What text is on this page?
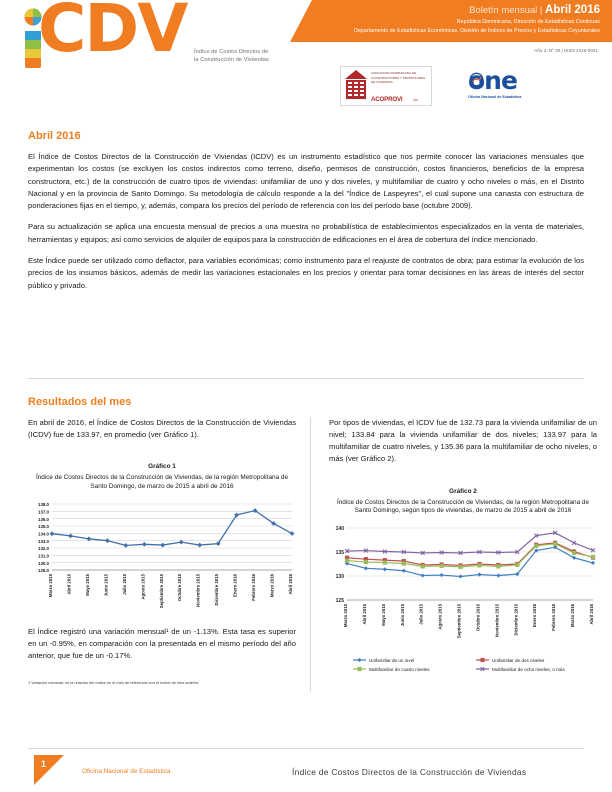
CDV Índice de Costos Directos de la Construcción de Viviendas
Boletín mensual | Abril 2016
República Dominicana, Dirección de Estadísticas Continuas
Departamento de Estadísticas Económicas, División de Índices de Precios y Estadísticas Coyunturales
Año 3, N° 30 | ISSN 2226-0021
ASOCIACION DOMINICANA DE CONSTRUCTORES Y PROMOTORES DE VIVIENDAS
ACOPROVI	INC.
one
Oficina Nacional de Estadística
Abril 2016

El Índice de Costos Directos de la Construcción de Viviendas (ICDV) es un instrumento estadístico que nos permite conocer las variaciones mensuales que experimentan los costos (se excluyen los costos indirectos como terreno, diseño, permisos de construcción, costos financieros, beneficios de la empresa constructora, etc.) de la construcción de cuatro tipos de viviendas: unifamiliar de uno y dos niveles, y multifamiliar de cuatro y ocho niveles o más, en el Distrito Nacional y en la provincia de Santo Domingo. Su metodología de cálculo responde a la del "Índice de Laspeyres", el cual supone una canasta con estructura de ponderaciones fijas en el tiempo, y, además, compara los precios del período de referencia con los del período base (octubre 2009).

Para su actualización se aplica una encuesta mensual de precios a una muestra no probabilística de establecimientos especializados en la venta de materiales, herramientas y equipos; así como servicios de alquiler de equipos para la construcción de edificaciones en el área de cobertura del índice mencionado.

Este Índice puede ser utilizado como deflactor, para variables económicas; como instrumento para el reajuste de contratos de obra; para estimar la evolución de los precios de los insumos básicos, además de medir las variaciones estacionales en los precios y orientar para tomar decisiones en las áreas de interés del sector público y privado.

Resultados del mes

En abril de 2016, el Índice de Costos Directos de la Construcción de Viviendas (ICDV) fue de 133.97, en promedio (ver Gráfico 1).

Gráfico 1
Índice de Costos Directos de la Construcción de Viviendas, de la región Metropolitana de Santo Domingo, de marzo de 2015 a abril de 2016
129.0
130.0
131.0
132.0
133.0
134.0
135.0
136.0
137.0
138.0
Marzo 2015	Abril 2015	Mayo 2015	Junio 2015	Julio 2015	Agosto 2015	Septiembre 2015	Octubre 2015	Noviembre 2015	Diciembre 2015	Enero 2016	Febrero 2016	Marzo 2016	Abril 2016

El Índice registró una variación mensual¹ de un -1.13%. Esta tasa es superior en un -0.95%, en comparación con la presentada en el mismo período del año anterior, que fue de un -0.17%.

1 Variación mensual: es la relación del índice en el mes de referencia con el índice de mes anterior.

Por tipos de viviendas, el ICDV fue de 132.73 para la vivienda unifamiliar de un nivel; 133.84 para la vivienda unifamiliar de dos niveles; 133.97 para la multifamiliar de cuatro niveles, y 135.36 para la multifamiliar de ocho niveles, o más (ver Gráfico 2).

Gráfico 2
Índice de Costos Directos de la Construcción de Viviendas, de la región Metropolitana de Santo Domingo, según tipos de viviendas, de marzo de 2015 a abril de 2016
125
130
135
140
Marzo 2015	Abril 2015	Mayo 2015	Junio 2015	Julio 2015	Agosto 2015	Septiembre 2015	Octubre 2015	Noviembre 2015	Diciembre 2015	Enero 2016	Febrero 2016	Marzo 2016	Abril 2016
Unifamiliar de un nivel	Unifamiliar de dos niveles
Multifamiliar de cuatro niveles	Multifamiliar de ocho niveles, o más
1
Oficina Nacional de Estadística	Índice de Costos Directos de la Construcción de Viviendas
